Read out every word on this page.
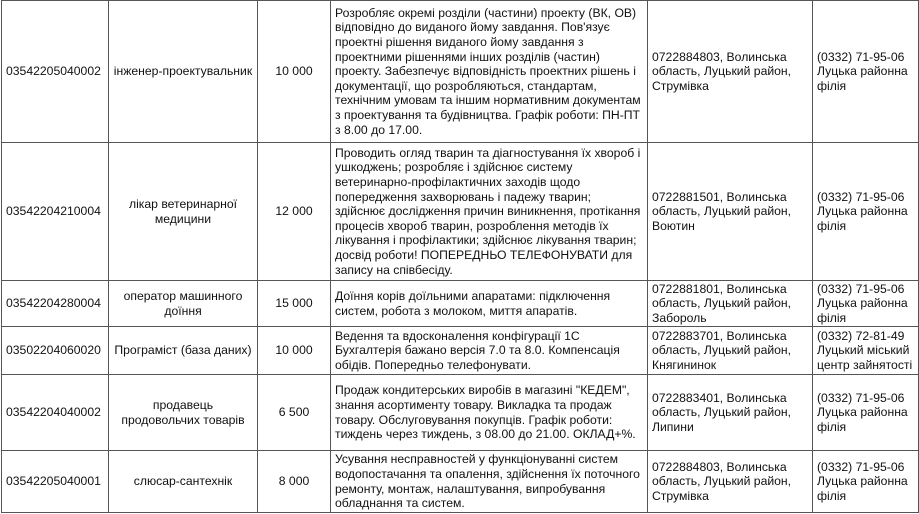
03542205040002	інженер-проектувальник	10 000	Розробляє окремі розділи (частини) проекту (ВК, ОВ) відповідно до виданого йому завдання. Пов'язує проектні рішення виданого йому завдання з проектними рішеннями інших розділів (частин) проекту. Забезпечує відповідність проектних рішень і документації, що розробляються, стандартам, технічним умовам та іншим нормативним документам з проектування та будівництва. Графік роботи: ПН-ПТ з 8.00 до 17.00.	0722884803, Волинська область, Луцький район, Струмівка	(0332) 71-95-06 Луцька районна філія
03542204210004	лікар ветеринарної медицини	12 000	Проводить огляд тварин та діагностування їх хвороб і ушкоджень; розробляє і здійснює систему ветеринарно-профілактичних заходів щодо попередження захворювань і падежу тварин; здійснює дослідження причин виникнення, протікання процесів хвороб тварин, розроблення методів їх лікування і профілактики; здійснює лікування тварин; досвід роботи! ПОПЕРЕДНЬО ТЕЛЕФОНУВАТИ для запису на співбесіду.	0722881501, Волинська область, Луцький район, Воютин	(0332) 71-95-06 Луцька районна філія
03542204280004	оператор машинного доїння	15 000	Доїння корів доїльними апаратами: підключення систем, робота з молоком, миття апаратів.	0722881801, Волинська область, Луцький район, Забороль	(0332) 71-95-06 Луцька районна філія
03502204060020	Програміст (база даних)	10 000	Ведення та вдосконалення конфігурації 1С Бухгалтерія бажано версія 7.0 та 8.0. Компенсація обідів. Попередньо телефонувати.	0722883701, Волинська область, Луцький район, Княгининок	(0332) 72-81-49 Луцький міський центр зайнятості
03542204040002	продавець продовольчих товарів	6 500	Продаж кондитерських виробів в магазині "КЕДЕМ", знання асортименту товару. Викладка та продаж товару. Обслуговування покупців. Графік роботи: тиждень через тиждень, з 08.00 до 21.00. ОКЛАД+%.	0722883401, Волинська область, Луцький район, Липини	(0332) 71-95-06 Луцька районна філія
03542205040001	слюсар-сантехнік	8 000	Усування несправностей у функціонуванні систем водопостачання та опалення, здійснення їх поточного ремонту, монтаж, налаштування, випробування обладнання та систем.	0722884803, Волинська область, Луцький район, Струмівка	(0332) 71-95-06 Луцька районна філія
